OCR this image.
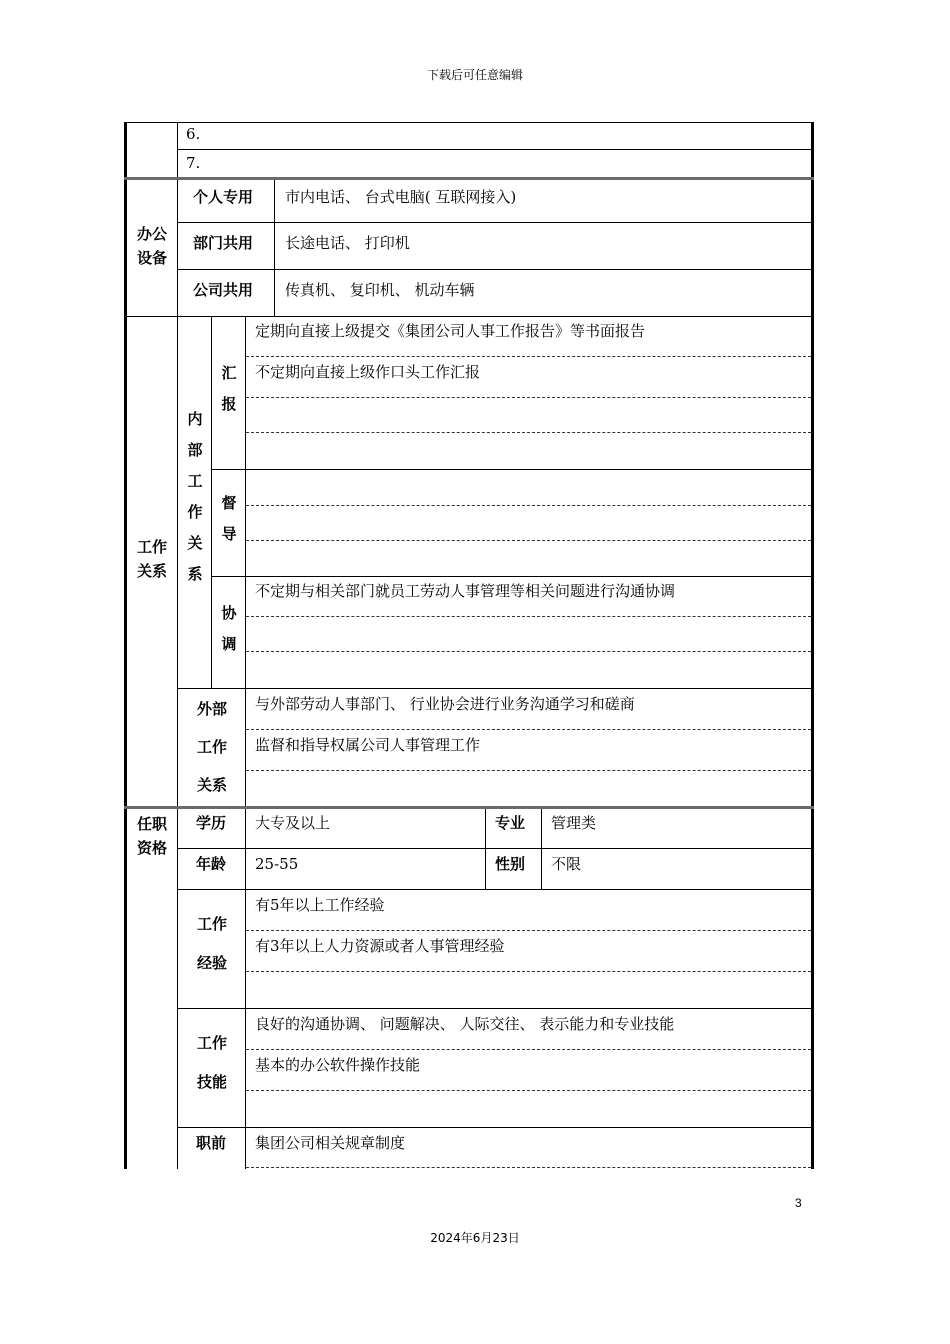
下载后可任意编辑
6.
7.
办公
设备
个人专用 市内电话、 台式电脑( 互联网接入)
部门共用 长途电话、 打印机
公司共用 传真机、 复印机、 机动车辆
工作
关系
内
部
工
作
关
系
汇
报
督
导
协
调
定期向直接上级提交《集团公司人事工作报告》等书面报告
不定期向直接上级作口头工作汇报
不定期与相关部门就员工劳动人事管理等相关问题进行沟通协调
外部
工作
关系
与外部劳动人事部门、 行业协会进行业务沟通学习和磋商
监督和指导权属公司人事管理工作
任职
资格
学历 大专及以上	专业 管理类
年龄 25-55	性别 不限
工作
经验
有5年以上工作经验
有3年以上人力资源或者人事管理经验
工作
技能
良好的沟通协调、 问题解决、 人际交往、 表示能力和专业技能
基本的办公软件操作技能
职前 集团公司相关规章制度
3
2024年6月23日
